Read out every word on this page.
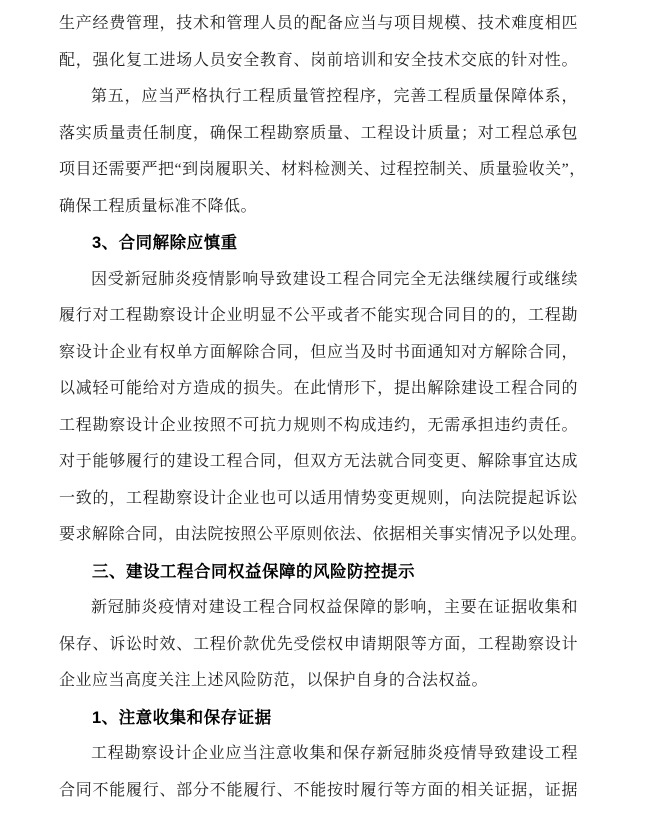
生产经费管理，技术和管理人员的配备应当与项目规模、技术难度相匹
配，强化复工进场人员安全教育、岗前培训和安全技术交底的针对性。
第五，应当严格执行工程质量管控程序，完善工程质量保障体系，
落实质量责任制度，确保工程勘察质量、工程设计质量；对工程总承包
项目还需要严把“到岗履职关、材料检测关、过程控制关、质量验收关”，
确保工程质量标准不降低。
3、合同解除应慎重
因受新冠肺炎疫情影响导致建设工程合同完全无法继续履行或继续
履行对工程勘察设计企业明显不公平或者不能实现合同目的的，工程勘
察设计企业有权单方面解除合同，但应当及时书面通知对方解除合同，
以减轻可能给对方造成的损失。在此情形下，提出解除建设工程合同的
工程勘察设计企业按照不可抗力规则不构成违约，无需承担违约责任。
对于能够履行的建设工程合同，但双方无法就合同变更、解除事宜达成
一致的，工程勘察设计企业也可以适用情势变更规则，向法院提起诉讼
要求解除合同，由法院按照公平原则依法、依据相关事实情况予以处理。
三、建设工程合同权益保障的风险防控提示
新冠肺炎疫情对建设工程合同权益保障的影响，主要在证据收集和
保存、诉讼时效、工程价款优先受偿权申请期限等方面，工程勘察设计
企业应当高度关注上述风险防范，以保护自身的合法权益。
1、注意收集和保存证据
工程勘察设计企业应当注意收集和保存新冠肺炎疫情导致建设工程
合同不能履行、部分不能履行、不能按时履行等方面的相关证据，证据
